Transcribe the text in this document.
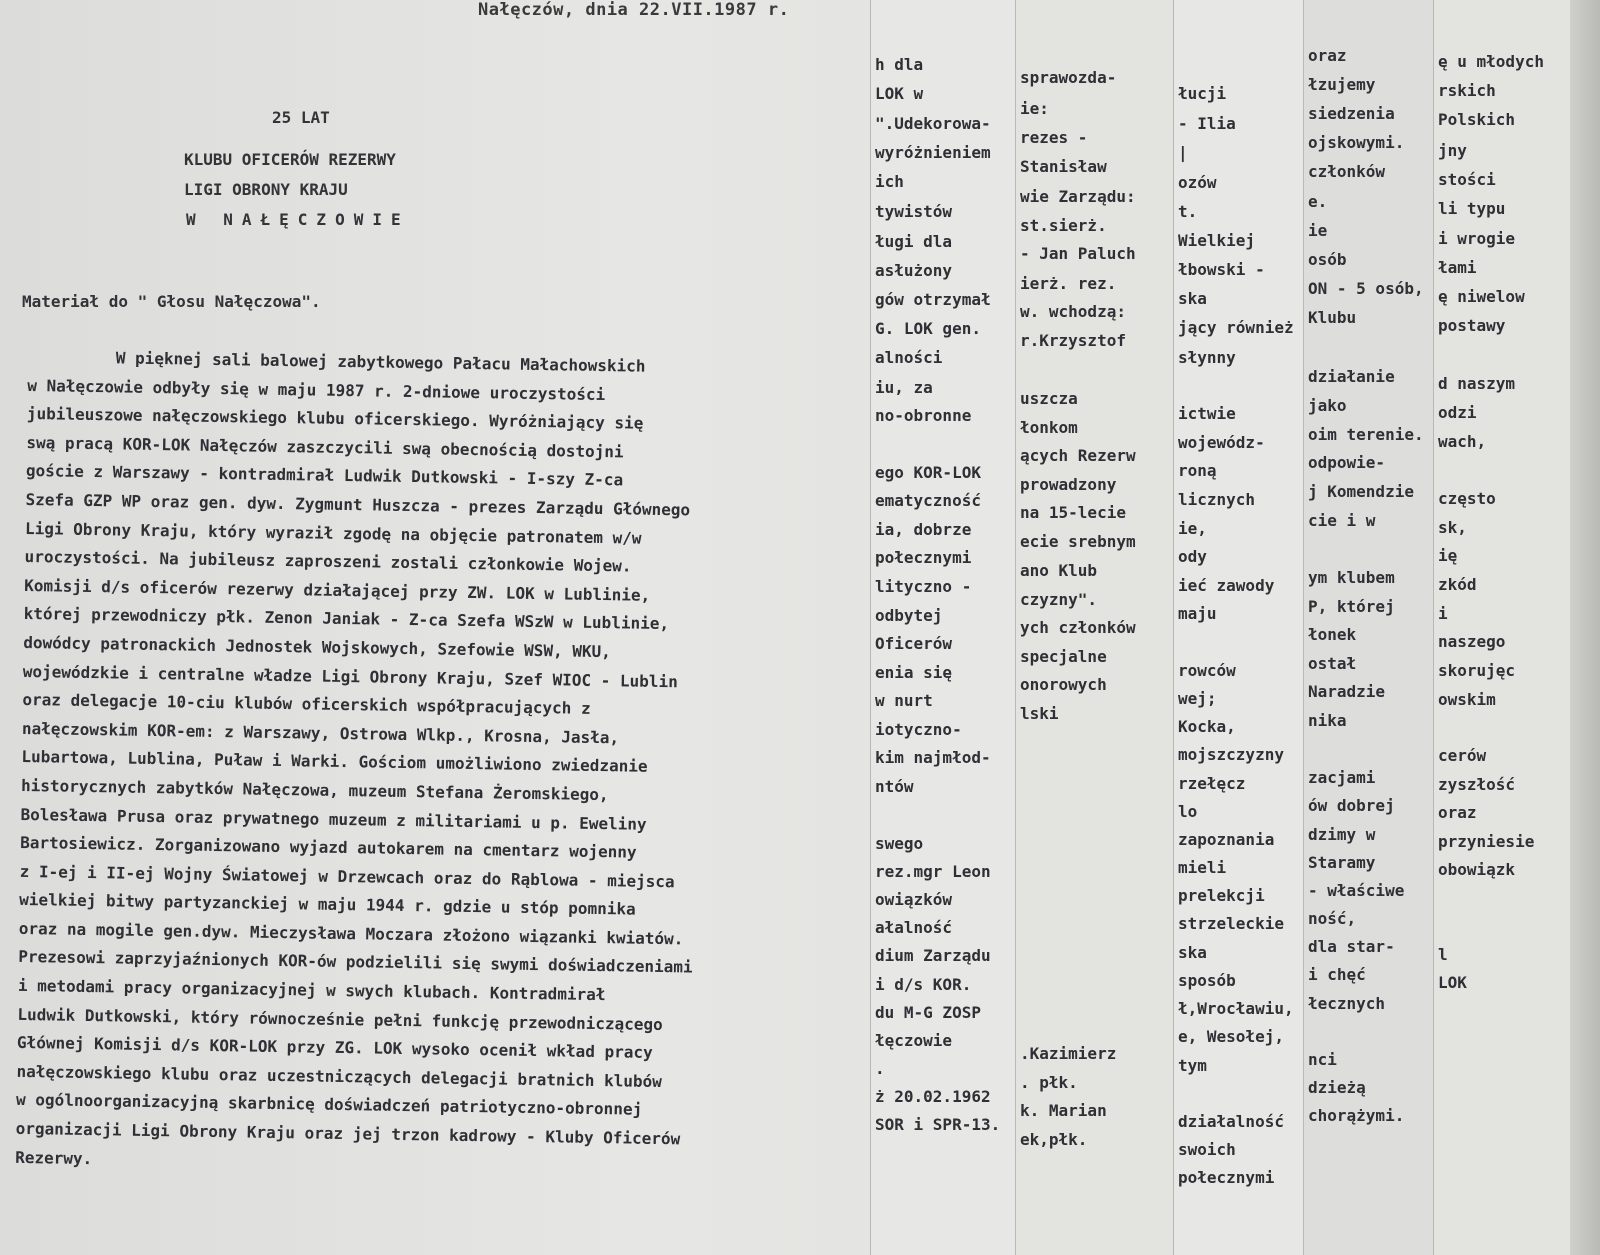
Nałęczów, dnia 22.VII.1987 r.

25 LAT

KLUBU OFICERÓW REZERWY

LIGI OBRONY KRAJU

W NAŁĘCZOWIE

Materiał do " Głosu Nałęczowa".

W pięknej sali balowej zabytkowego Pałacu Małachowskich
w Nałęczowie odbyły się w maju 1987 r. 2-dniowe uroczystości
jubileuszowe nałęczowskiego klubu oficerskiego. Wyróżniający się
swą pracą KOR-LOK Nałęczów zaszczycili swą obecnością dostojni
goście z Warszawy - kontradmirał Ludwik Dutkowski - I-szy Z-ca
Szefa GZP WP oraz gen. dyw. Zygmunt Huszcza - prezes Zarządu Głównego
Ligi Obrony Kraju, który wyraził zgodę na objęcie patronatem w/w
uroczystości. Na jubileusz zaproszeni zostali członkowie Wojew.
Komisji d/s oficerów rezerwy działającej przy ZW. LOK w Lublinie,
której przewodniczy płk. Zenon Janiak - Z-ca Szefa WSzW w Lublinie,
dowódcy patronackich Jednostek Wojskowych, Szefowie WSW, WKU,
wojewódzkie i centralne władze Ligi Obrony Kraju, Szef WIOC - Lublin
oraz delegacje 10-ciu klubów oficerskich współpracujących z
nałęczowskim KOR-em: z Warszawy, Ostrowa Wlkp., Krosna, Jasła,
Lubartowa, Lublina, Puław i Warki. Gościom umożliwiono zwiedzanie
historycznych zabytków Nałęczowa, muzeum Stefana Żeromskiego,
Bolesława Prusa oraz prywatnego muzeum z militariami u p. Eweliny
Bartosiewicz. Zorganizowano wyjazd autokarem na cmentarz wojenny
z I-ej i II-ej Wojny Światowej w Drzewcach oraz do Rąblowa - miejsca
wielkiej bitwy partyzanckiej w maju 1944 r. gdzie u stóp pomnika
oraz na mogile gen.dyw. Mieczysława Moczara złożono wiązanki kwiatów.
Prezesowi zaprzyjaźnionych KOR-ów podzielili się swymi doświadczeniami
i metodami pracy organizacyjnej w swych klubach. Kontradmirał
Ludwik Dutkowski, który równocześnie pełni funkcję przewodniczącego
Głównej Komisji d/s KOR-LOK przy ZG. LOK wysoko ocenił wkład pracy
nałęczowskiego klubu oraz uczestniczących delegacji bratnich klubów
w ogólnoorganizacyjną skarbnicę doświadczeń patriotyczno-obronnej
organizacji Ligi Obrony Kraju oraz jej trzon kadrowy - Kluby Oficerów
Rezerwy.
h dla
LOK w
".Udekorowa-
wyróżnieniem
ich
tywistów
ługi dla
asłużony
gów otrzymał
G. LOK gen.
alności
iu, za
no-obronne
ego KOR-LOK
ematyczność
ia, dobrze
połecznymi
lityczno -
odbytej
Oficerów
enia się
w nurt
iotyczno-
kim najmłod-
ntów
swego
rez.mgr Leon
owiązków
ałalność
dium Zarządu
i d/s KOR.
du M-G ZOSP
łęczowie
.
ż 20.02.1962
SOR i SPR-13.
sprawozda-
ie:
rezes -
Stanisław
wie Zarządu:
st.sierż.
- Jan Paluch
ierż. rez.
w. wchodzą:
r.Krzysztof
uszcza
łonkom
ących Rezerw
prowadzony
na 15-lecie
ecie srebnym
ano Klub
czyzny".
ych członków
specjalne
onorowych
lski
.Kazimierz
. płk.
k. Marian
ek,płk.
łucji
- Ilia
|
ozów
t.
Wielkiej
łbowski -
ska
jący również
słynny
ictwie
wojewódz-
roną
licznych
ie,
ody
ieć zawody
maju
rowców
wej;
Kocka,
mojszczyzny
rzełęcz
lo
zapoznania
mieli
prelekcji
strzeleckie
ska
sposób
ł,Wrocławiu,
e, Wesołej,
tym
działalność
swoich
połecznymi
oraz
łzujemy
siedzenia
ojskowymi.
członków
e.
ie
osób
ON - 5 osób,
Klubu
działanie
jako
oim terenie.
odpowie-
j Komendzie
cie i w
ym klubem
P, której
łonek
ostał
Naradzie
nika
zacjami
ów dobrej
dzimy w
Staramy
- właściwe
ność,
dla star-
i chęć
łecznych
nci
dzieżą
chorążymi.
ę u młodych
rskich
Polskich
jny
stości
li typu
i wrogie
łami
ę niwelow
postawy
d naszym
odzi
wach,
często
sk,
ię
zkód
i
naszego
skorujęc
owskim
cerów
zyszłość
oraz
przyniesie
obowiązk
l
LOK
